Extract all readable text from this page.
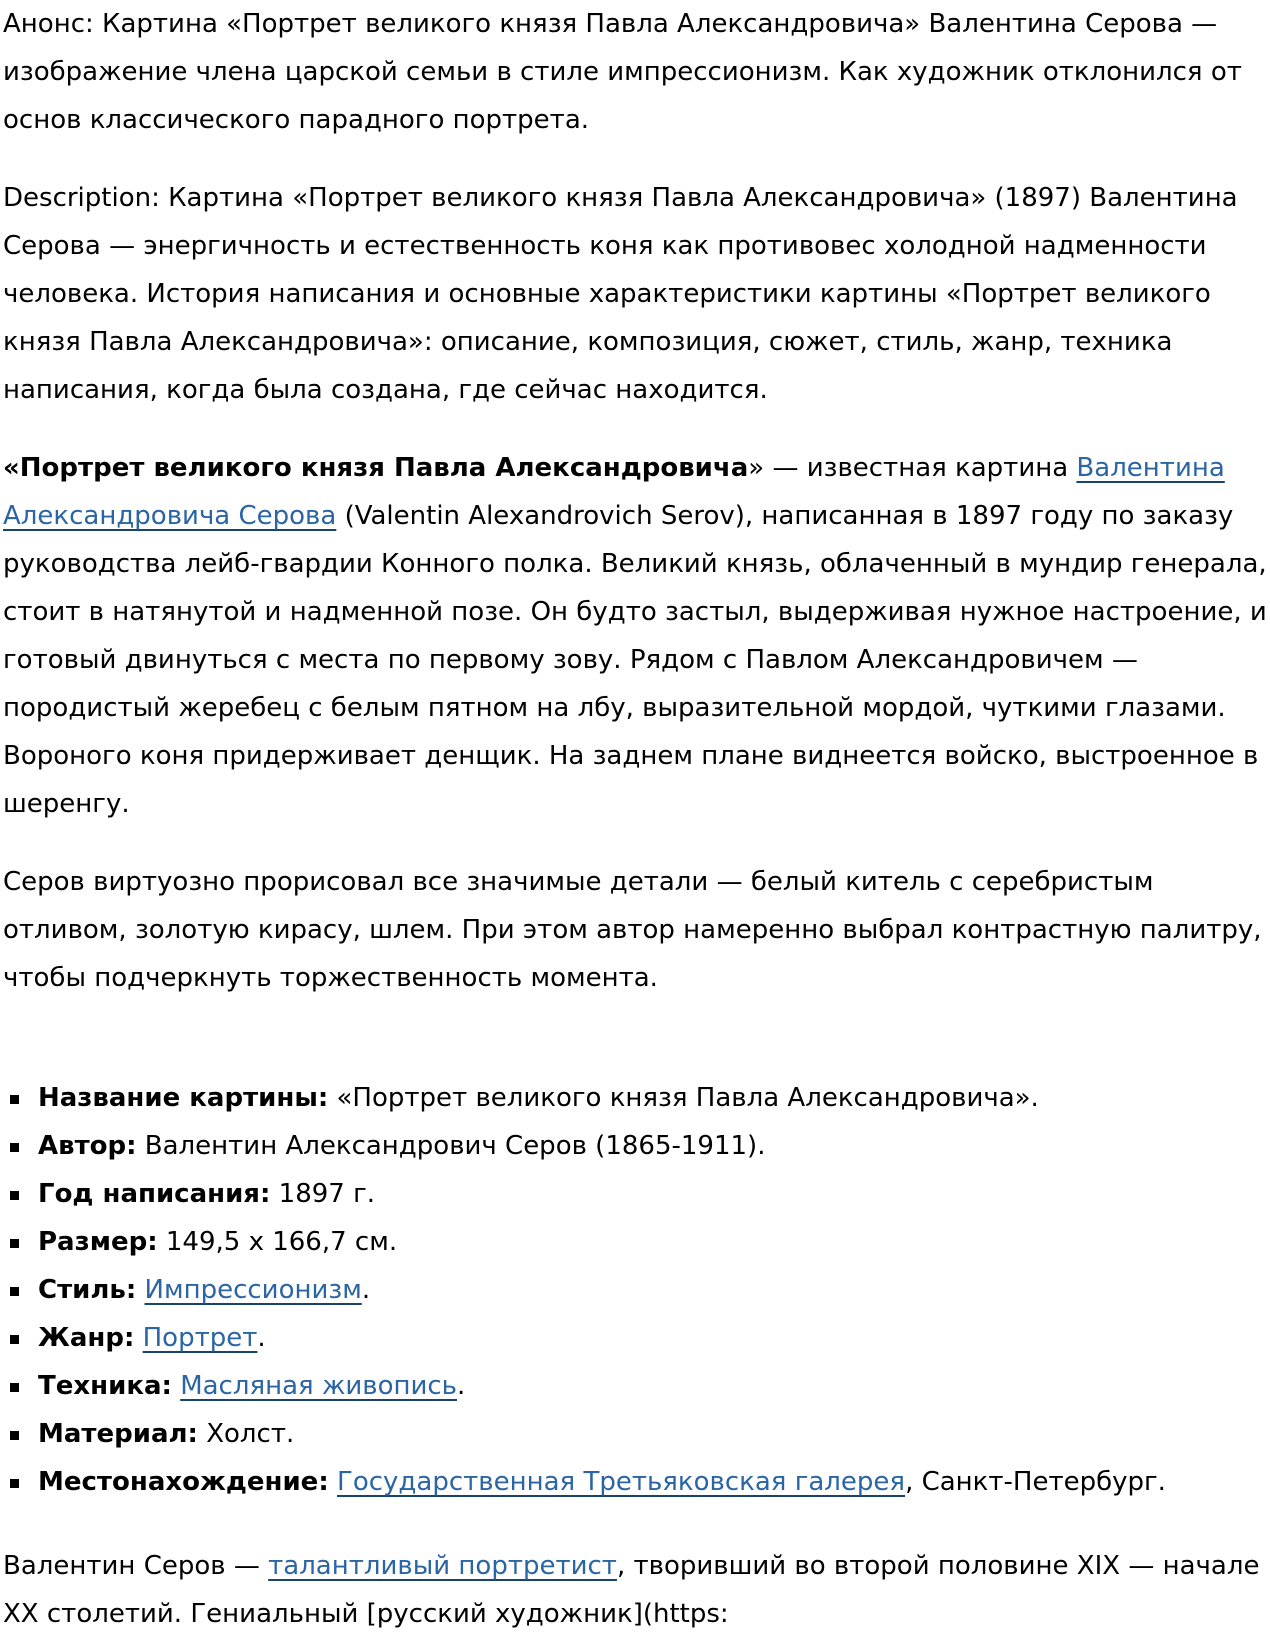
Анонс: Картина «Портрет великого князя Павла Александровича» Валентина Серова — изображение члена царской семьи в стиле импрессионизм. Как художник отклонился от основ классического парадного портрета.

Description: Картина «Портрет великого князя Павла Александровича» (1897) Валентина Серова — энергичность и естественность коня как противовес холодной надменности человека. История написания и основные характеристики картины «Портрет великого князя Павла Александровича»: описание, композиция, сюжет, стиль, жанр, техника написания, когда была создана, где сейчас находится.

«Портрет великого князя Павла Александровича» — известная картина Валентина Александровича Серова (Valentin Alexandrovich Serov), написанная в 1897 году по заказу руководства лейб-гвардии Конного полка. Великий князь, облаченный в мундир генерала, стоит в натянутой и надменной позе. Он будто застыл, выдерживая нужное настроение, и готовый двинуться с места по первому зову. Рядом с Павлом Александровичем — породистый жеребец с белым пятном на лбу, выразительной мордой, чуткими глазами. Вороного коня придерживает денщик. На заднем плане виднеется войско, выстроенное в шеренгу.

Серов виртуозно прорисовал все значимые детали — белый китель с серебристым отливом, золотую кирасу, шлем. При этом автор намеренно выбрал контрастную палитру, чтобы подчеркнуть торжественность момента.

Название картины: «Портрет великого князя Павла Александровича».
Автор: Валентин Александрович Серов (1865-1911).
Год написания: 1897 г.
Размер: 149,5 х 166,7 см.
Стиль: Импрессионизм.
Жанр: Портрет.
Техника: Масляная живопись.
Материал: Холст.
Местонахождение: Государственная Третьяковская галерея, Санкт-Петербург.

Валентин Серов — талантливый портретист, творивший во второй половине XIX — начале XX столетий. Гениальный [русский художник](https:
